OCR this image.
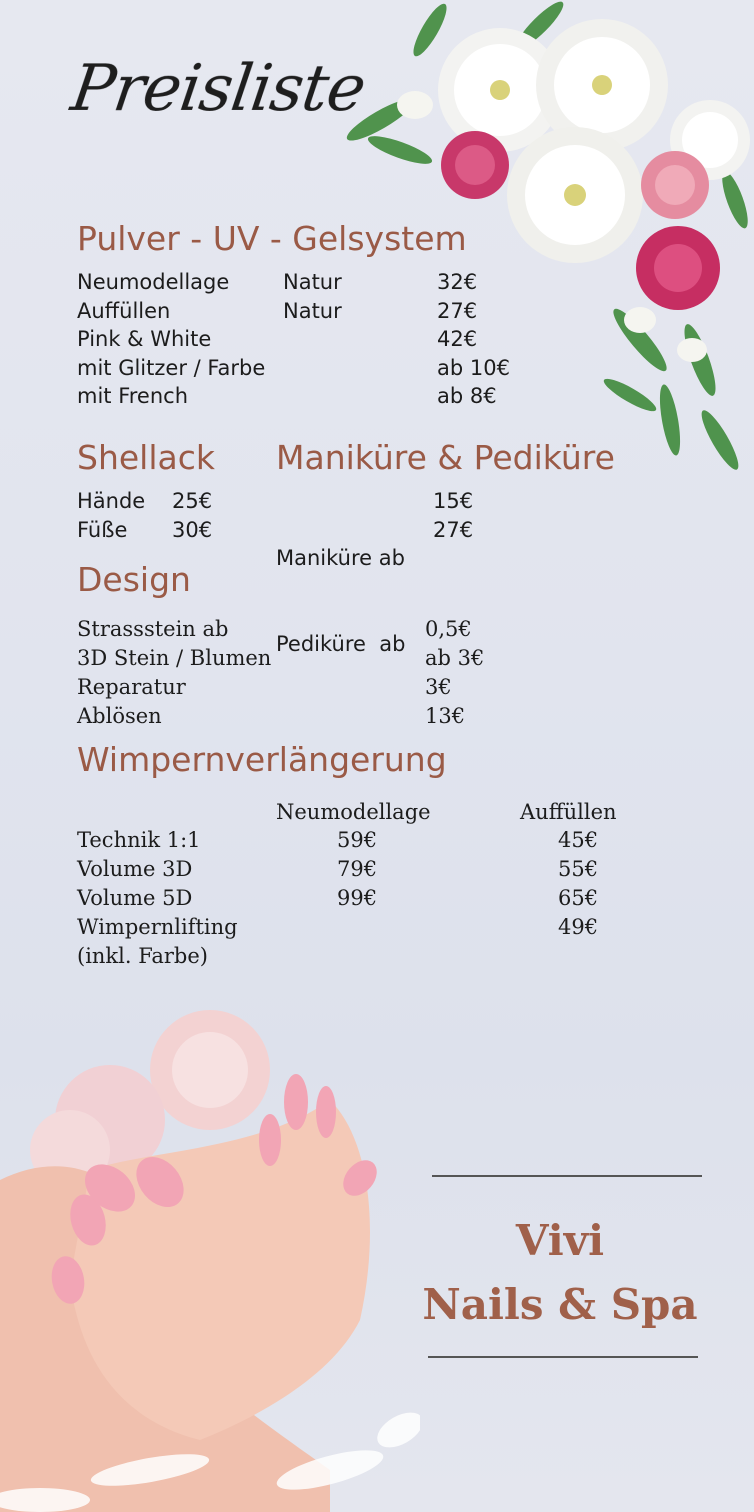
Preisliste
Pulver - UV - Gelsystem
Neumodellage
Auffüllen
Pink & White
mit Glitzer / Farbe
mit French
Natur
Natur
32€
27€
42€
ab 10€
ab 8€
Shellack
Hände
Füße
25€
30€
Maniküre & Pediküre

Maniküre ab

Pediküre  ab

15€
27€
Design
Strassstein ab
3D Stein / Blumen
Reparatur
Ablösen
0,5€
ab 3€
3€
13€
Wimpernverlängerung
Neumodellage	Auffüllen
Technik 1:1
Volume 3D
Volume 5D
Wimpernlifting
(inkl. Farbe)
59€
79€
99€
45€
55€
65€
49€
Vivi
Nails & Spa
